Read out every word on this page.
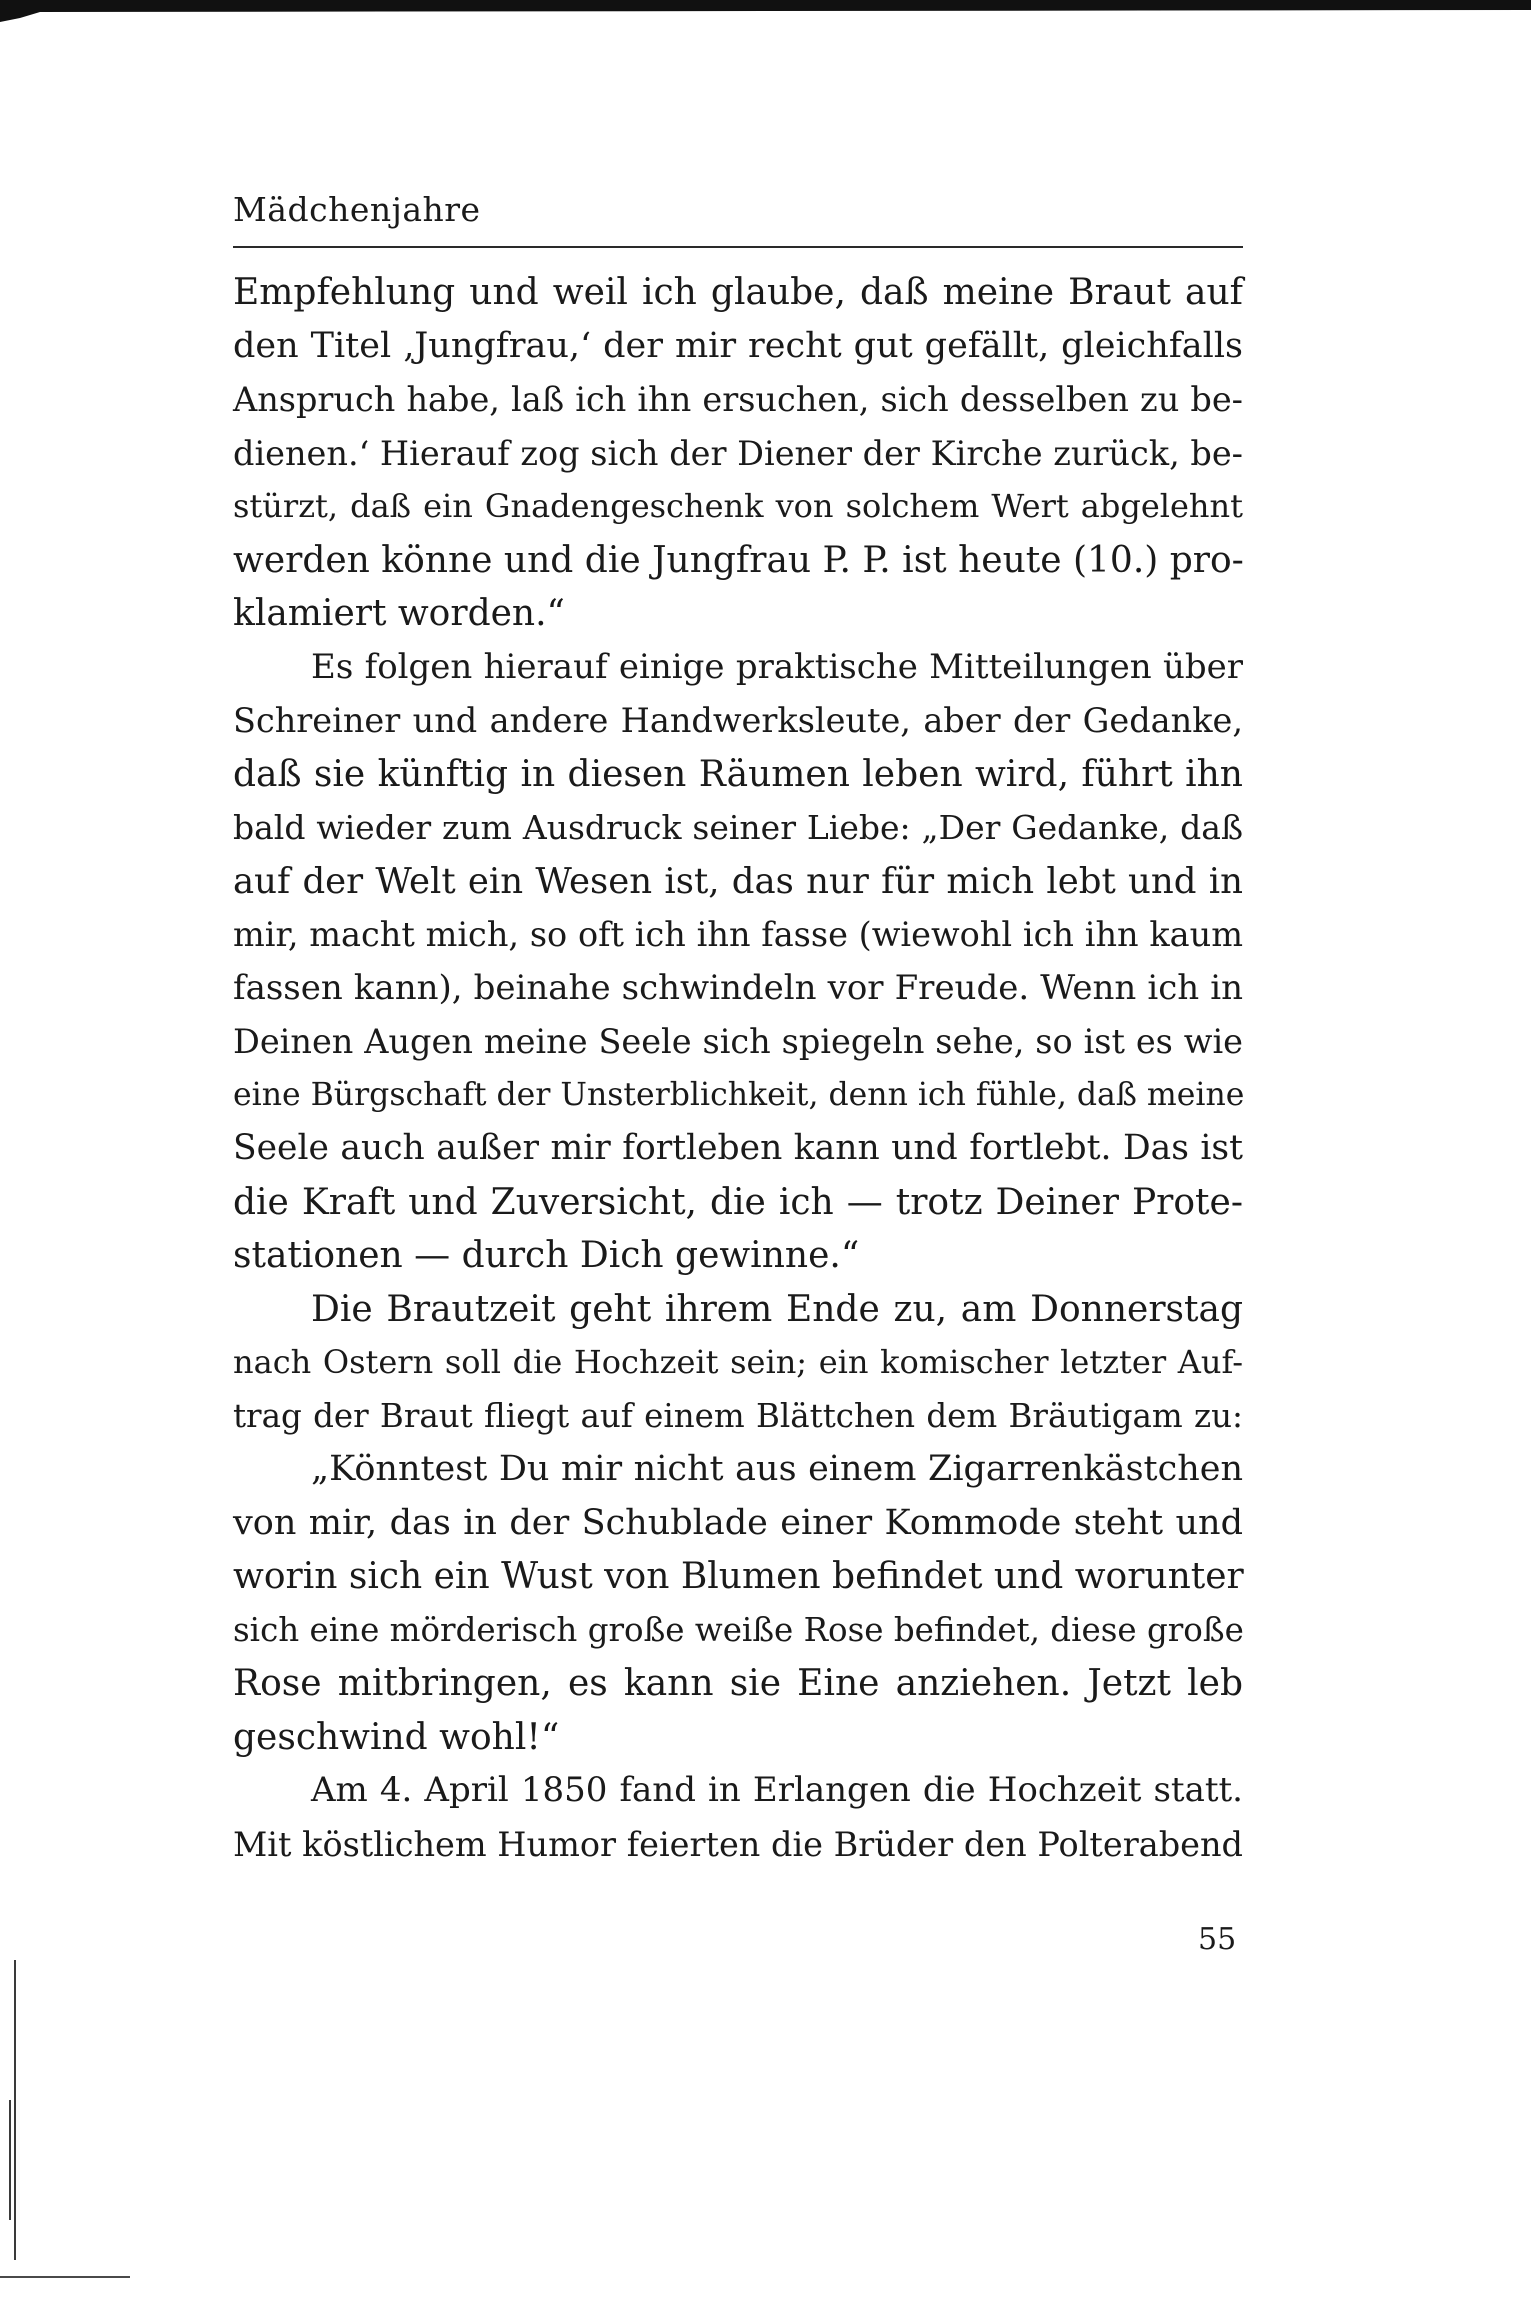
Mädchenjahre
Empfehlung und weil ich glaube, daß meine Braut auf
den Titel ‚Jungfrau,‘ der mir recht gut gefällt, gleichfalls
Anspruch habe, laß ich ihn ersuchen, sich desselben zu be-
dienen.‘ Hierauf zog sich der Diener der Kirche zurück, be-
stürzt, daß ein Gnadengeschenk von solchem Wert abgelehnt
werden könne und die Jungfrau P. P. ist heute (10.) pro-
klamiert worden.“
Es folgen hierauf einige praktische Mitteilungen über
Schreiner und andere Handwerksleute, aber der Gedanke,
daß sie künftig in diesen Räumen leben wird, führt ihn
bald wieder zum Ausdruck seiner Liebe: „Der Gedanke, daß
auf der Welt ein Wesen ist, das nur für mich lebt und in
mir, macht mich, so oft ich ihn fasse (wiewohl ich ihn kaum
fassen kann), beinahe schwindeln vor Freude. Wenn ich in
Deinen Augen meine Seele sich spiegeln sehe, so ist es wie
eine Bürgschaft der Unsterblichkeit, denn ich fühle, daß meine
Seele auch außer mir fortleben kann und fortlebt. Das ist
die Kraft und Zuversicht, die ich — trotz Deiner Prote-
stationen — durch Dich gewinne.“
Die Brautzeit geht ihrem Ende zu, am Donnerstag
nach Ostern soll die Hochzeit sein; ein komischer letzter Auf-
trag der Braut fliegt auf einem Blättchen dem Bräutigam zu:
„Könntest Du mir nicht aus einem Zigarrenkästchen
von mir, das in der Schublade einer Kommode steht und
worin sich ein Wust von Blumen befindet und worunter
sich eine mörderisch große weiße Rose befindet, diese große
Rose mitbringen, es kann sie Eine anziehen. Jetzt leb
geschwind wohl!“
Am 4. April 1850 fand in Erlangen die Hochzeit statt.
Mit köstlichem Humor feierten die Brüder den Polterabend
55
